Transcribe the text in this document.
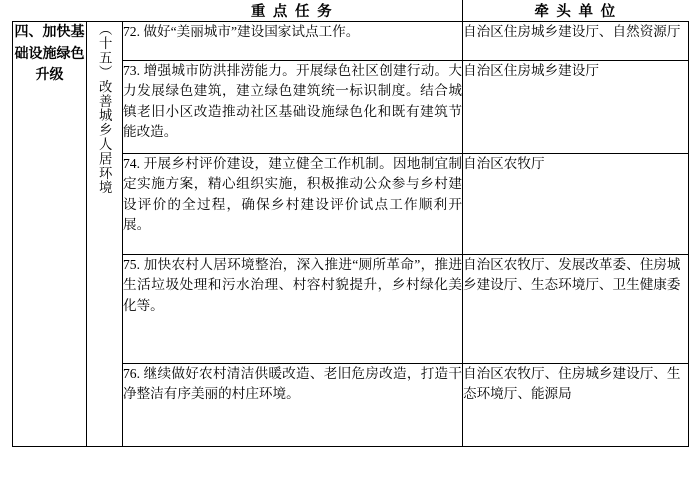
		重 点 任 务	牵 头 单 位

四、加快基础设施绿色升级	（十五）改善城乡人居环境	72. 做好“美丽城市”建设国家试点工作。	自治区住房城乡建设厅、自然资源厅
		73. 增强城市防洪排涝能力。开展绿色社区创建行动。大力发展绿色建筑，建立绿色建筑统一标识制度。结合城镇老旧小区改造推动社区基础设施绿色化和既有建筑节能改造。	自治区住房城乡建设厅
		74. 开展乡村评价建设，建立健全工作机制。因地制宜制定实施方案，精心组织实施，积极推动公众参与乡村建设评价的全过程，确保乡村建设评价试点工作顺利开展。	自治区农牧厅
		75. 加快农村人居环境整治，深入推进“厕所革命”，推进生活垃圾处理和污水治理、村容村貌提升，乡村绿化美化等。	自治区农牧厅、发展改革委、住房城乡建设厅、生态环境厅、卫生健康委
		76. 继续做好农村清洁供暖改造、老旧危房改造，打造干净整洁有序美丽的村庄环境。	自治区农牧厅、住房城乡建设厅、生态环境厅、能源局
